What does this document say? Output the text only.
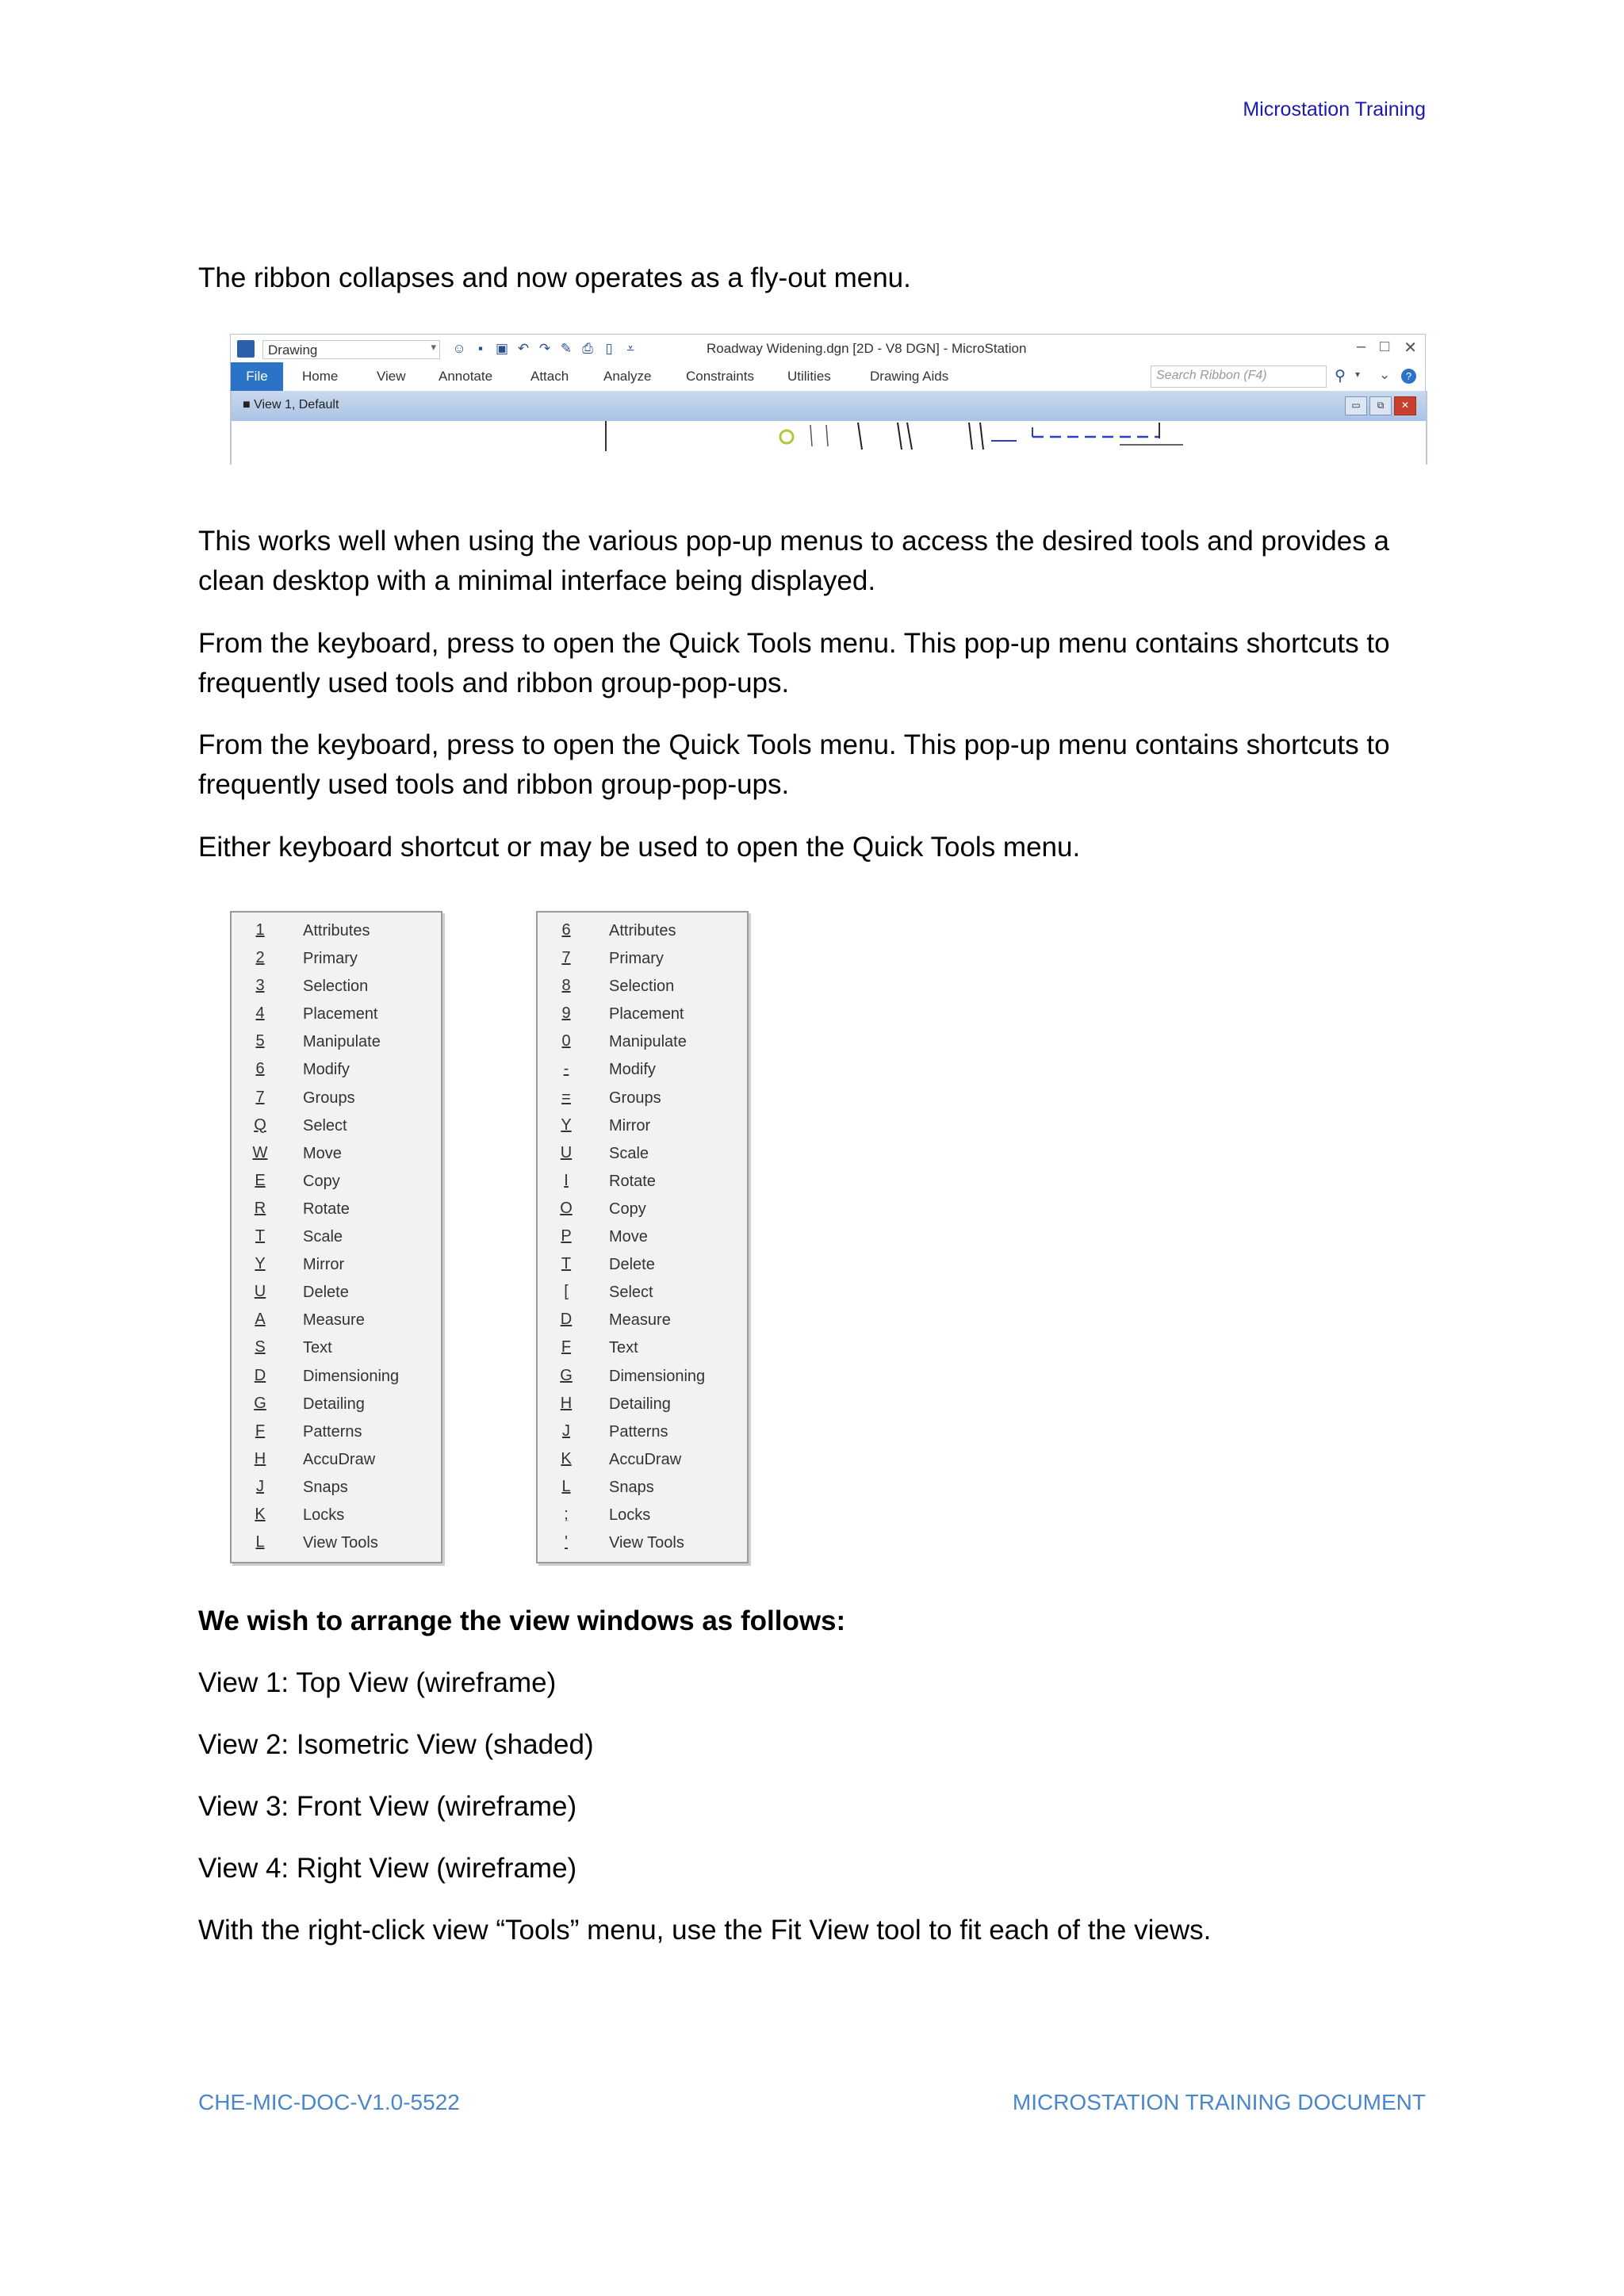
Microstation Training

The ribbon collapses and now operates as a fly-out menu.

Drawing	▾ ☺ ▪ ▣ ↶ ↷ ✎ ⎙ ▯	⩡	Roadway Widening.dgn [2D - V8 DGN] - MicroStation	– □ ✕
File	Home	View Annotate	Attach	Analyze	Constraints Utilities	Drawing Aids	Search Ribbon (F4)	⚲ ▾ ⌄	?
■ View 1, Default	▭	⧉	✕

This works well when using the various pop-up menus to access the desired tools and provides a clean desktop with a minimal interface being displayed.

From the keyboard, press to open the Quick Tools menu. This pop-up menu contains shortcuts to frequently used tools and ribbon group-pop-ups.

From the keyboard, press to open the Quick Tools menu. This pop-up menu contains shortcuts to frequently used tools and ribbon group-pop-ups.

Either keyboard shortcut or may be used to open the Quick Tools menu.

1 Attributes
2 Primary
3 Selection
4 Placement
5 Manipulate
6 Modify
7 Groups
Q Select
W Move
E Copy
R Rotate
T Scale
Y Mirror
U Delete
A Measure
S Text
D Dimensioning
G Detailing
F Patterns
H AccuDraw
J Snaps
K Locks
L View Tools
6 Attributes
7 Primary
8 Selection
9 Placement
0 Manipulate
-	Modify
= Groups
Y Mirror
U Scale
I	Rotate
O Copy
P Move
T Delete
[	Select
D Measure
F Text
G Dimensioning
H Detailing
J Patterns
K AccuDraw
L Snaps
;	Locks
'	View Tools

We wish to arrange the view windows as follows:

View 1: Top View (wireframe)

View 2: Isometric View (shaded)

View 3: Front View (wireframe)

View 4: Right View (wireframe)

With the right-click view “Tools” menu, use the Fit View tool to fit each of the views.

CHE-MIC-DOC-V1.0-5522	MICROSTATION TRAINING DOCUMENT
